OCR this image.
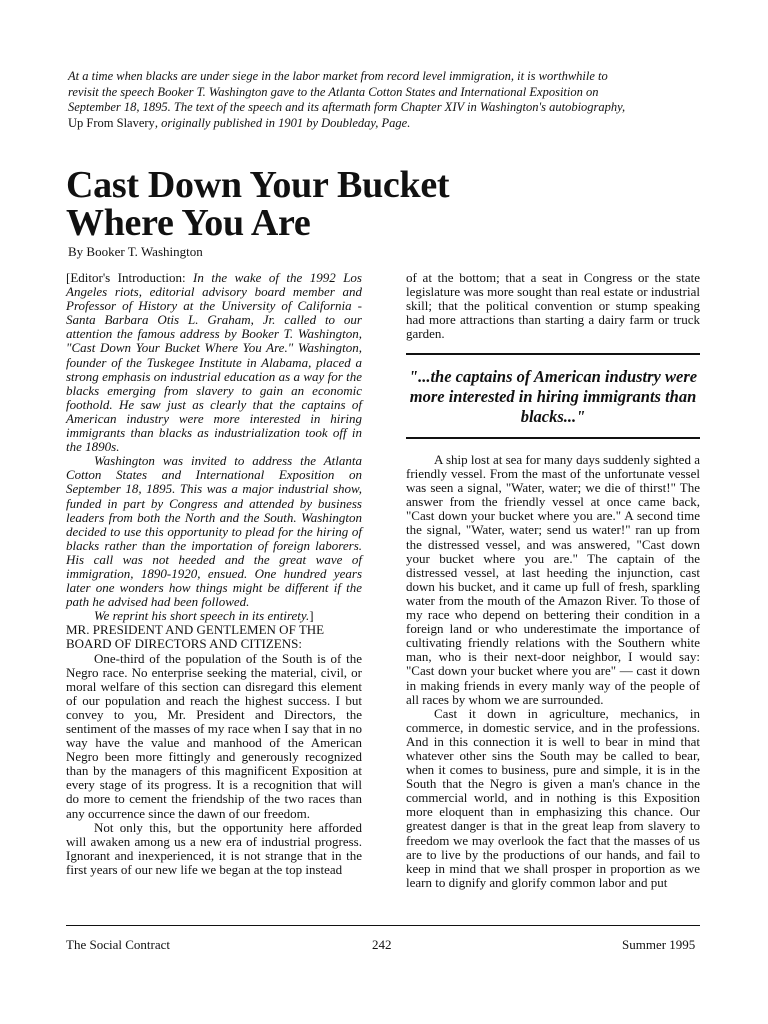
At a time when blacks are under siege in the labor market from record level immigration, it is worthwhile to revisit the speech Booker T. Washington gave to the Atlanta Cotton States and International Exposition on September 18, 1895. The text of the speech and its aftermath form Chapter XIV in Washington's autobiography, Up From Slavery, originally published in 1901 by Doubleday, Page.

Cast Down Your Bucket
Where You Are
By Booker T. Washington

[Editor's Introduction: In the wake of the 1992 Los Angeles riots, editorial advisory board member and Professor of History at the University of California - Santa Barbara Otis L. Graham, Jr. called to our attention the famous address by Booker T. Washington, "Cast Down Your Bucket Where You Are." Washington, founder of the Tuskegee Institute in Alabama, placed a strong emphasis on industrial education as a way for the blacks emerging from slavery to gain an economic foothold. He saw just as clearly that the captains of American industry were more interested in hiring immigrants than blacks as industrialization took off in the 1890s.

Washington was invited to address the Atlanta Cotton States and International Exposition on September 18, 1895. This was a major industrial show, funded in part by Congress and attended by business leaders from both the North and the South. Washington decided to use this opportunity to plead for the hiring of blacks rather than the importation of foreign laborers. His call was not heeded and the great wave of immigration, 1890-1920, ensued. One hundred years later one wonders how things might be different if the path he advised had been followed.

We reprint his short speech in its entirety.]

MR. PRESIDENT AND GENTLEMEN OF THE BOARD OF DIRECTORS AND CITIZENS:

One-third of the population of the South is of the Negro race. No enterprise seeking the material, civil, or moral welfare of this section can disregard this element of our population and reach the highest success. I but convey to you, Mr. President and Directors, the sentiment of the masses of my race when I say that in no way have the value and manhood of the American Negro been more fittingly and generously recognized than by the managers of this magnificent Exposition at every stage of its progress. It is a recognition that will do more to cement the friendship of the two races than any occurrence since the dawn of our freedom.

Not only this, but the opportunity here afforded will awaken among us a new era of industrial progress. Ignorant and inexperienced, it is not strange that in the first years of our new life we began at the top instead

of at the bottom; that a seat in Congress or the state legislature was more sought than real estate or industrial skill; that the political convention or stump speaking had more attractions than starting a dairy farm or truck garden.

"...the captains of American industry were more interested in hiring immigrants than blacks..."

A ship lost at sea for many days suddenly sighted a friendly vessel. From the mast of the unfortunate vessel was seen a signal, "Water, water; we die of thirst!" The answer from the friendly vessel at once came back, "Cast down your bucket where you are." A second time the signal, "Water, water; send us water!" ran up from the distressed vessel, and was answered, "Cast down your bucket where you are." The captain of the distressed vessel, at last heeding the injunction, cast down his bucket, and it came up full of fresh, sparkling water from the mouth of the Amazon River. To those of my race who depend on bettering their condition in a foreign land or who underestimate the importance of cultivating friendly relations with the Southern white man, who is their next-door neighbor, I would say: "Cast down your bucket where you are" — cast it down in making friends in every manly way of the people of all races by whom we are surrounded.

Cast it down in agriculture, mechanics, in commerce, in domestic service, and in the professions. And in this connection it is well to bear in mind that whatever other sins the South may be called to bear, when it comes to business, pure and simple, it is in the South that the Negro is given a man's chance in the commercial world, and in nothing is this Exposition more eloquent than in emphasizing this chance. Our greatest danger is that in the great leap from slavery to freedom we may overlook the fact that the masses of us are to live by the productions of our hands, and fail to keep in mind that we shall prosper in proportion as we learn to dignify and glorify common labor and put

The Social Contract	242	Summer 1995
